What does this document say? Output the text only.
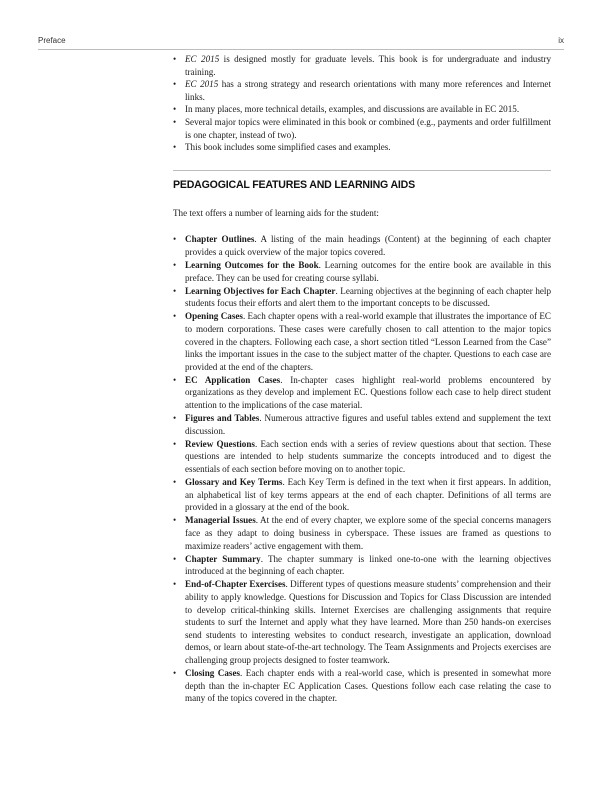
Preface	ix
• EC 2015 is designed mostly for graduate levels. This book is for undergraduate and industry training.
• EC 2015 has a strong strategy and research orientations with many more references and Internet links.
• In many places, more technical details, examples, and discussions are available in EC 2015.
• Several major topics were eliminated in this book or combined (e.g., payments and order fulfillment is one chapter, instead of two).
• This book includes some simplified cases and examples.
PEDAGOGICAL FEATURES AND LEARNING AIDS

The text offers a number of learning aids for the student:

• Chapter Outlines. A listing of the main headings (Content) at the beginning of each chapter provides a quick overview of the major topics covered.
• Learning Outcomes for the Book. Learning outcomes for the entire book are available in this preface. They can be used for creating course syllabi.
• Learning Objectives for Each Chapter. Learning objectives at the beginning of each chapter help students focus their efforts and alert them to the important concepts to be discussed.
• Opening Cases. Each chapter opens with a real-world example that illustrates the importance of EC to modern corporations. These cases were carefully chosen to call attention to the major topics covered in the chapters. Following each case, a short section titled “Lesson Learned from the Case” links the important issues in the case to the subject matter of the chapter. Questions to each case are provided at the end of the chapters.
• EC Application Cases. In-chapter cases highlight real-world problems encountered by organizations as they develop and implement EC. Questions follow each case to help direct student attention to the implications of the case material.
• Figures and Tables. Numerous attractive figures and useful tables extend and supplement the text discussion.
• Review Questions. Each section ends with a series of review questions about that section. These questions are intended to help students summarize the concepts introduced and to digest the essentials of each section before moving on to another topic.
• Glossary and Key Terms. Each Key Term is defined in the text when it first appears. In addition, an alphabetical list of key terms appears at the end of each chapter. Definitions of all terms are provided in a glossary at the end of the book.
• Managerial Issues. At the end of every chapter, we explore some of the special concerns managers face as they adapt to doing business in cyberspace. These issues are framed as questions to maximize readers’ active engagement with them.
• Chapter Summary. The chapter summary is linked one-to-one with the learning objectives introduced at the beginning of each chapter.
• End-of-Chapter Exercises. Different types of questions measure students’ comprehension and their ability to apply knowledge. Questions for Discussion and Topics for Class Discussion are intended to develop critical-thinking skills. Internet Exercises are challenging assignments that require students to surf the Internet and apply what they have learned. More than 250 hands-on exercises send students to interesting websites to conduct research, investigate an application, download demos, or learn about state-of-the-art technology. The Team Assignments and Projects exercises are challenging group projects designed to foster teamwork.
• Closing Cases. Each chapter ends with a real-world case, which is presented in somewhat more depth than the in-chapter EC Application Cases. Questions follow each case relating the case to many of the topics covered in the chapter.
